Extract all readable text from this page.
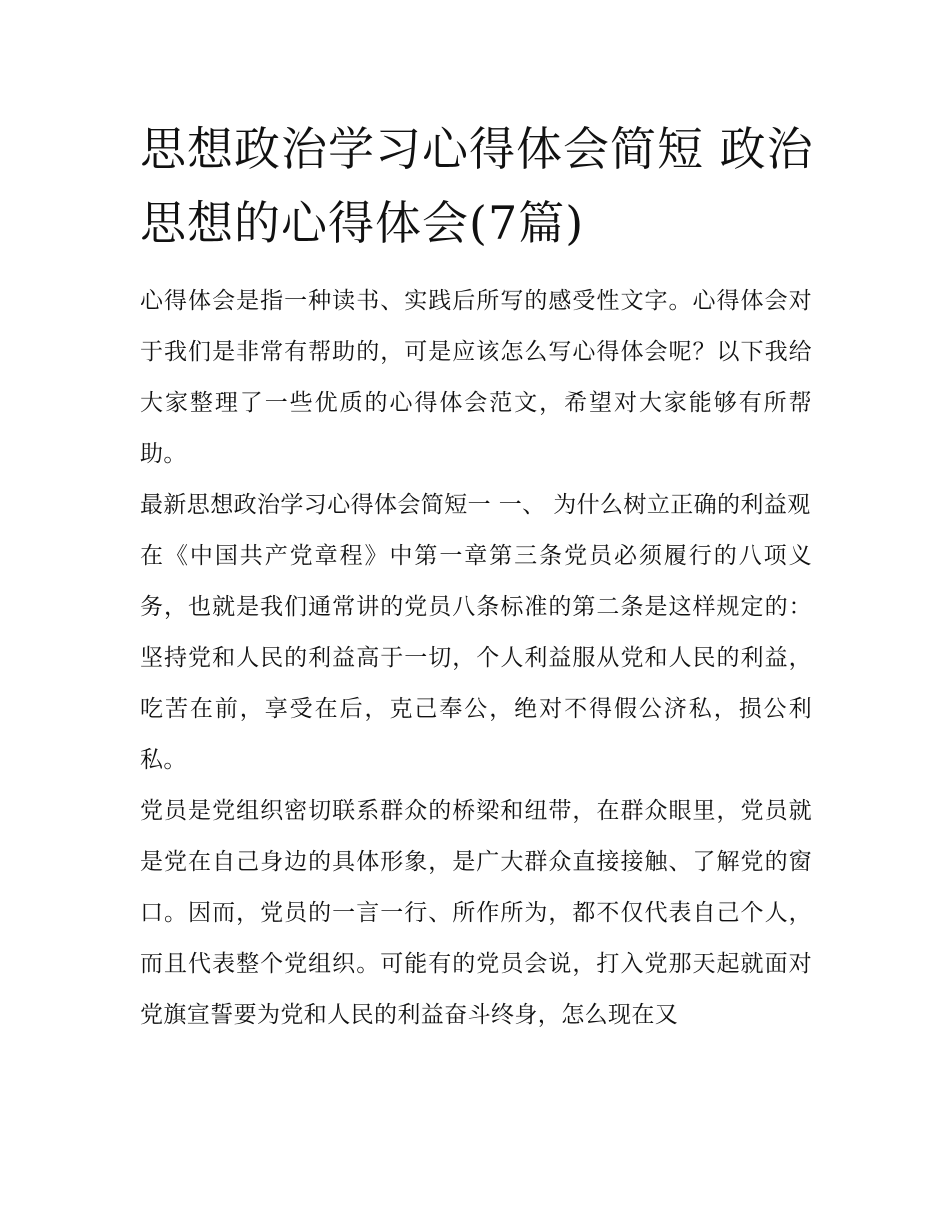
思想政治学习心得体会简短 政治思想的心得体会(7篇)

心得体会是指一种读书、实践后所写的感受性文字。心得体会对于我们是非常有帮助的，可是应该怎么写心得体会呢？以下我给大家整理了一些优质的心得体会范文，希望对大家能够有所帮助。

最新思想政治学习心得体会简短一 一、 为什么树立正确的利益观

在《中国共产党章程》中第一章第三条党员必须履行的八项义务，也就是我们通常讲的党员八条标准的第二条是这样规定的：坚持党和人民的利益高于一切，个人利益服从党和人民的利益，吃苦在前，享受在后，克己奉公，绝对不得假公济私，损公利私。

党员是党组织密切联系群众的桥梁和纽带，在群众眼里，党员就是党在自己身边的具体形象，是广大群众直接接触、了解党的窗口。因而，党员的一言一行、所作所为，都不仅代表自己个人，而且代表整个党组织。可能有的党员会说，打入党那天起就面对党旗宣誓要为党和人民的利益奋斗终身，怎么现在又
